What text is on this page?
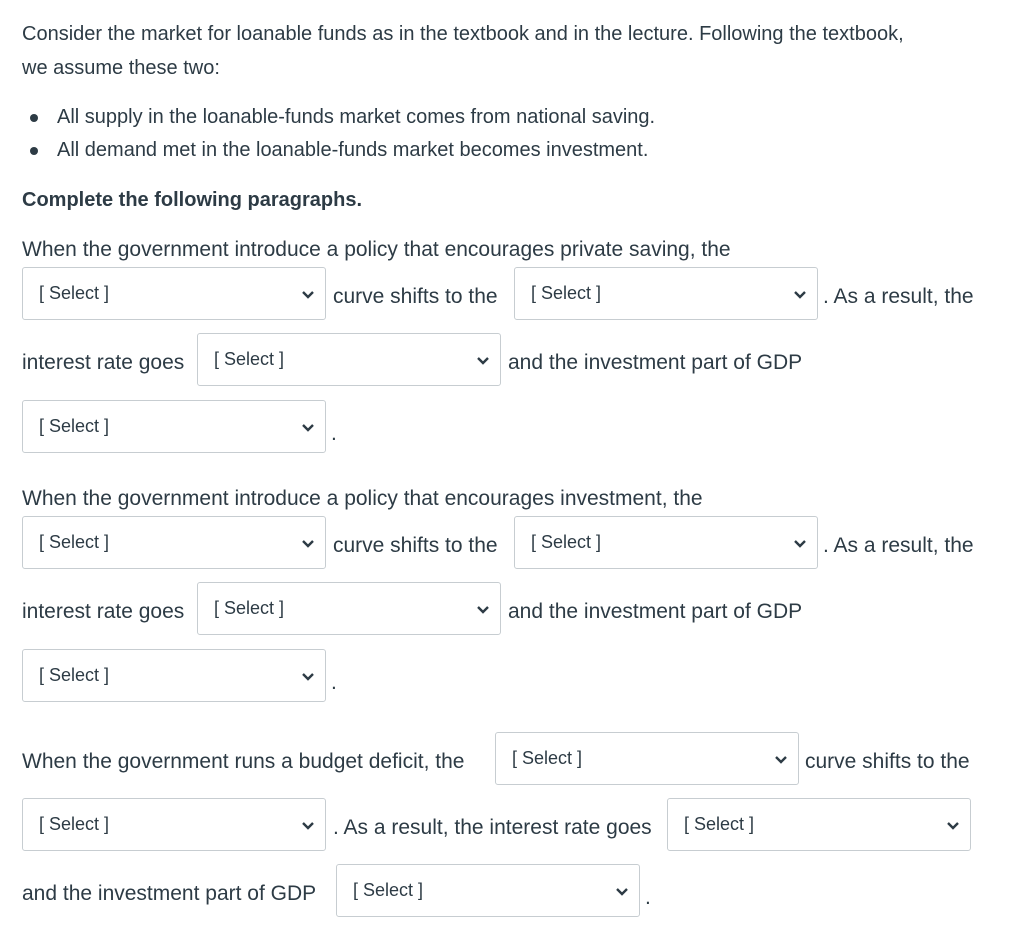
Consider the market for loanable funds as in the textbook and in the lecture. Following the textbook,
we assume these two:
All supply in the loanable-funds market comes from national saving.
All demand met in the loanable-funds market becomes investment.
Complete the following paragraphs.
When the government introduce a policy that encourages private saving, the
[ Select ]	curve shifts to the [ Select ]	. As a result, the
interest rate goes [ Select ]	and the investment part of GDP
[ Select ]	.
When the government introduce a policy that encourages investment, the
[ Select ]	curve shifts to the [ Select ]	. As a result, the
interest rate goes [ Select ]	and the investment part of GDP
[ Select ]	.
When the government runs a budget deficit, the	[ Select ]	curve shifts to the
[ Select ]	. As a result, the interest rate goes [ Select ]
and the investment part of GDP [ Select ]	.
